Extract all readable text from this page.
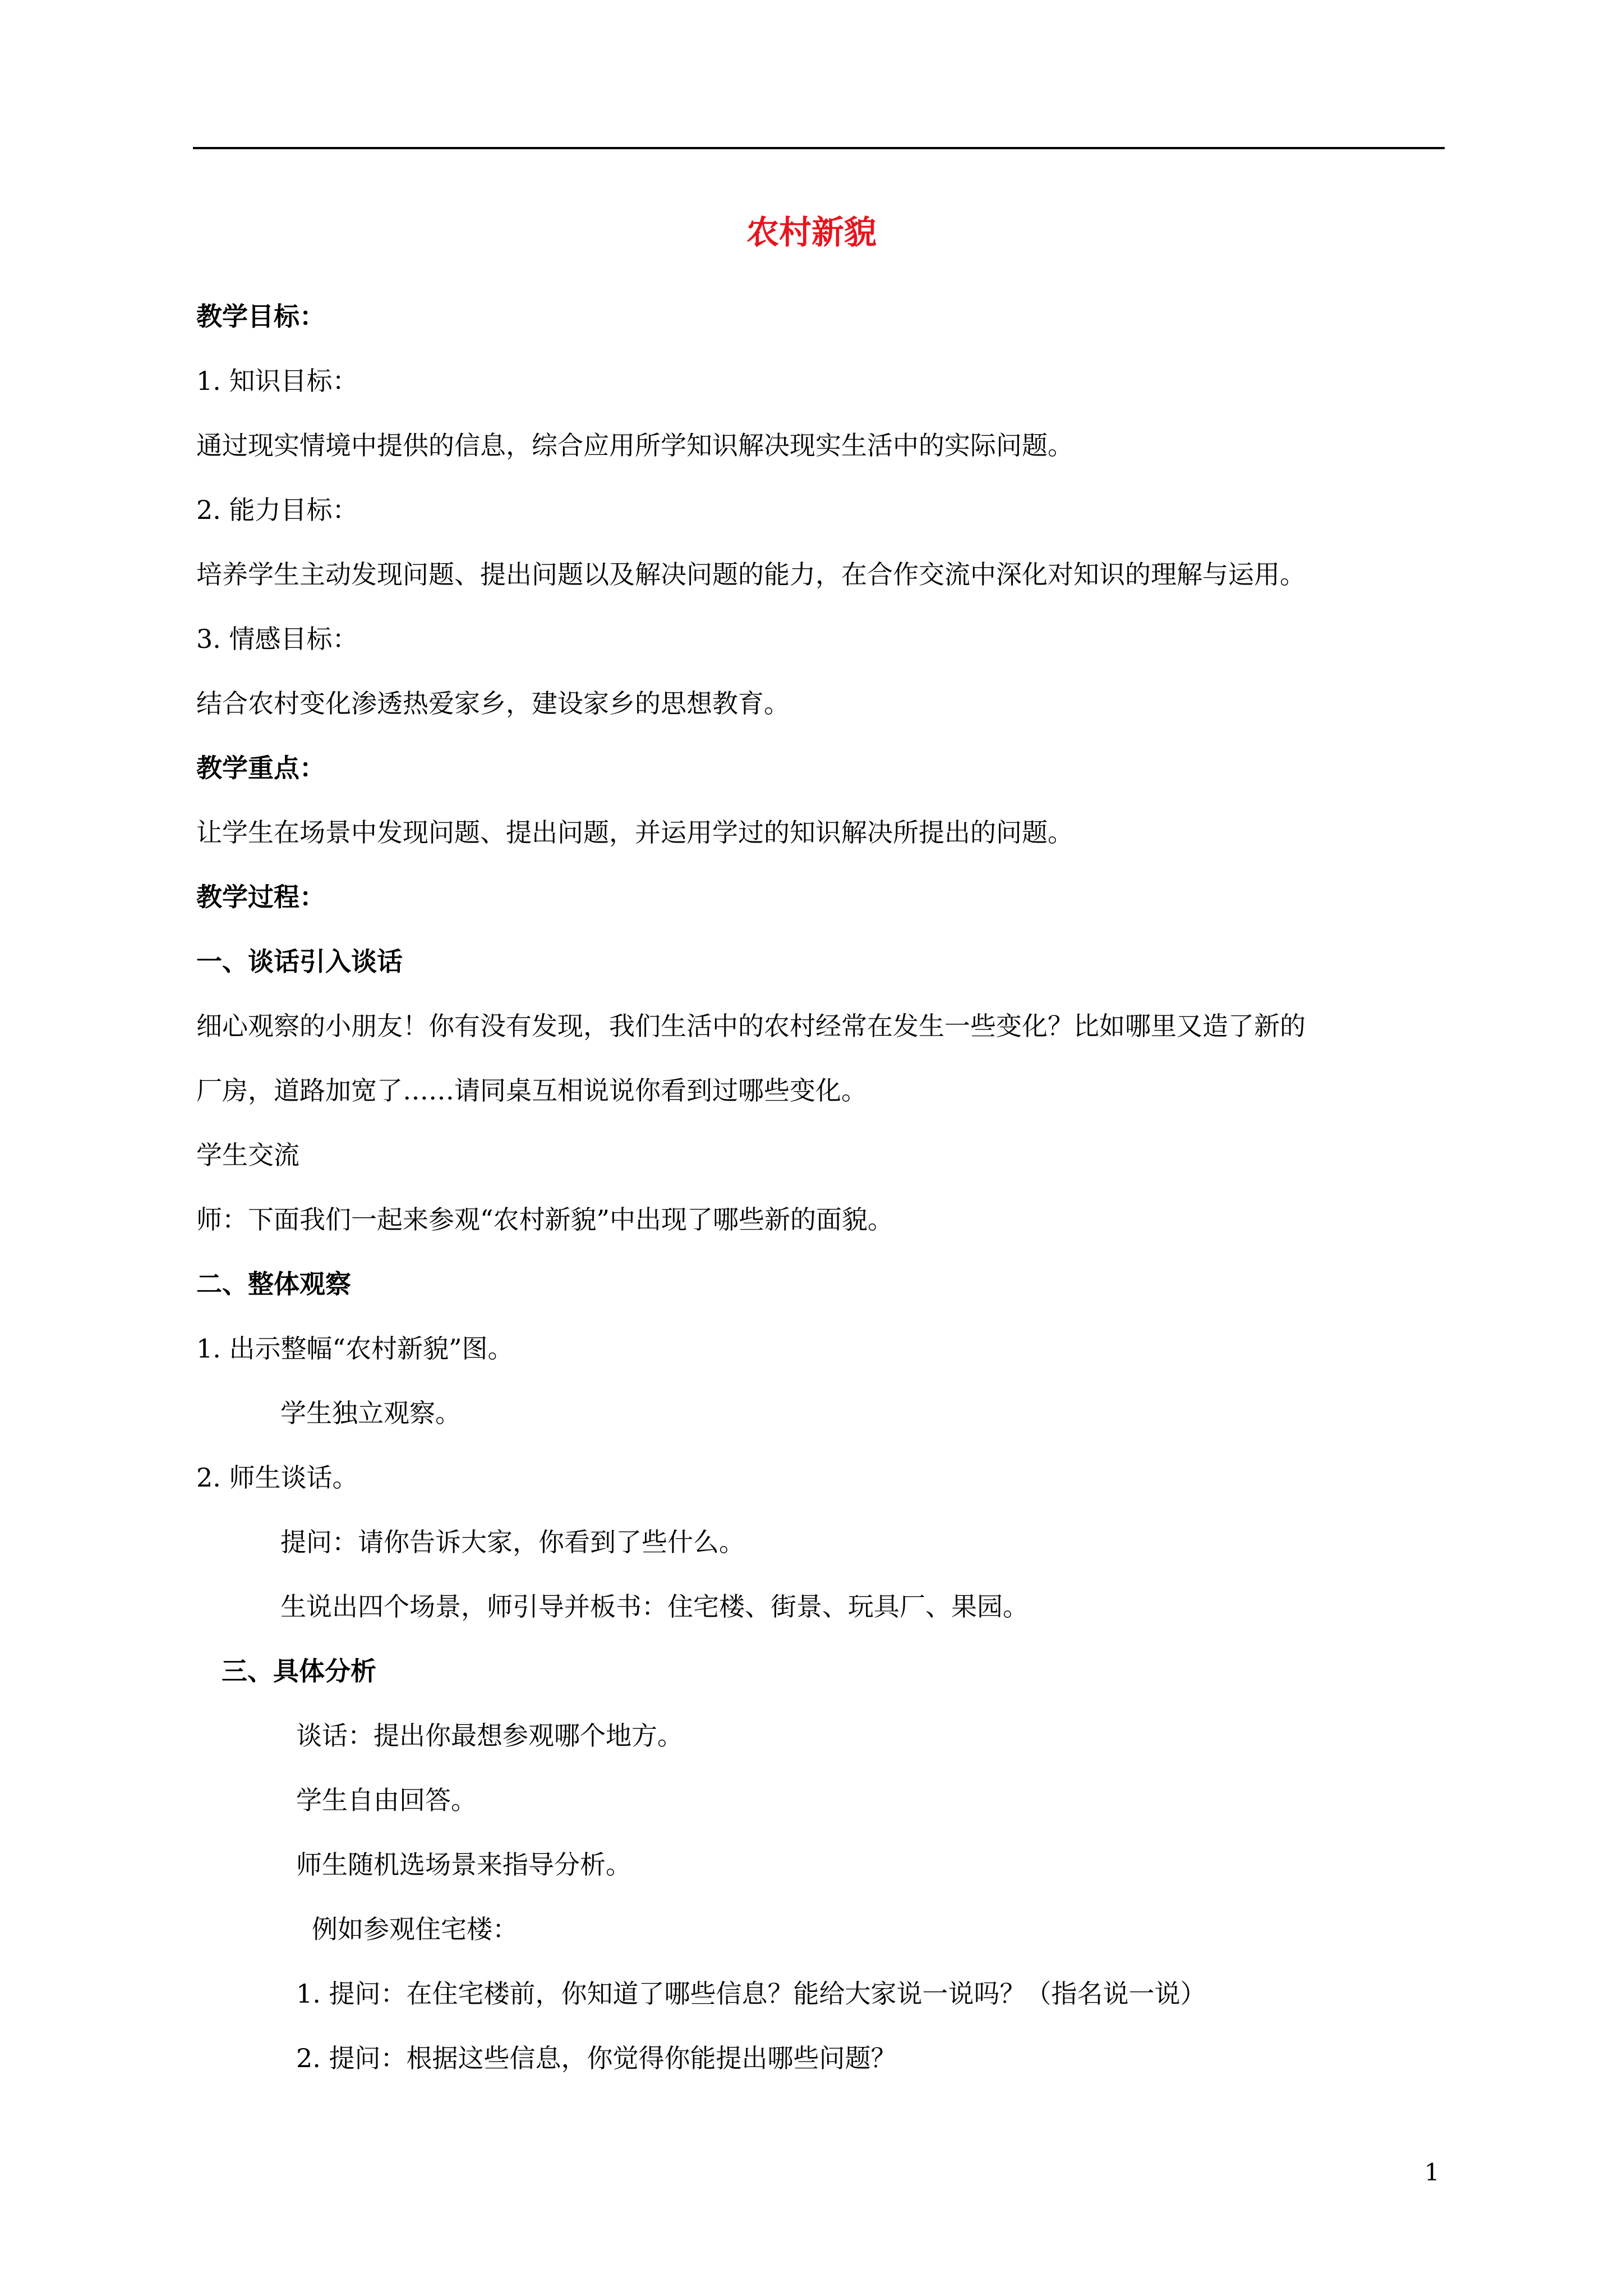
农村新貌
教学目标：
1. 知识目标：
通过现实情境中提供的信息，综合应用所学知识解决现实生活中的实际问题。
2. 能力目标：
培养学生主动发现问题、提出问题以及解决问题的能力，在合作交流中深化对知识的理解与运用。
3. 情感目标：
结合农村变化渗透热爱家乡，建设家乡的思想教育。
教学重点：
让学生在场景中发现问题、提出问题，并运用学过的知识解决所提出的问题。
教学过程：
一、谈话引入谈话
细心观察的小朋友！你有没有发现，我们生活中的农村经常在发生一些变化？比如哪里又造了新的
厂房，道路加宽了……请同桌互相说说你看到过哪些变化。
学生交流
师：下面我们一起来参观“农村新貌”中出现了哪些新的面貌。
二、整体观察
1. 出示整幅“农村新貌”图。
学生独立观察。
2. 师生谈话。
提问：请你告诉大家，你看到了些什么。
生说出四个场景，师引导并板书：住宅楼、街景、玩具厂、果园。
三、具体分析
谈话：提出你最想参观哪个地方。
学生自由回答。
师生随机选场景来指导分析。
例如参观住宅楼：
1. 提问：在住宅楼前，你知道了哪些信息？能给大家说一说吗？（指名说一说）
2. 提问：根据这些信息，你觉得你能提出哪些问题？
1
